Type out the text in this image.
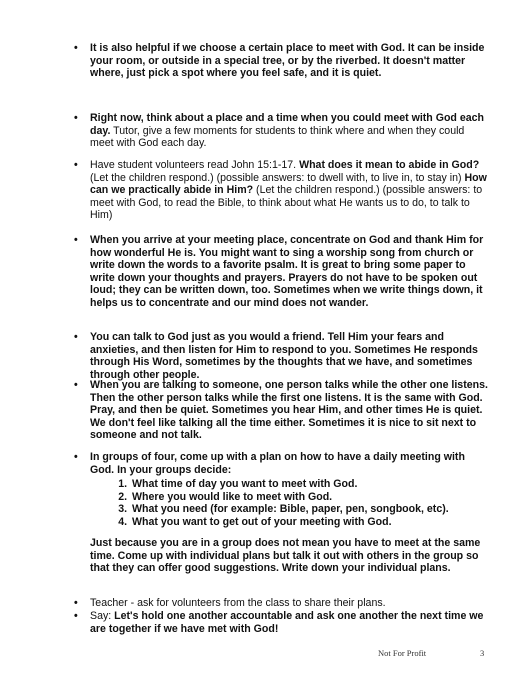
• It is also helpful if we choose a certain place to meet with God. It can be inside your room, or outside in a special tree, or by the riverbed. It doesn't matter where, just pick a spot where you feel safe, and it is quiet.
• Right now, think about a place and a time when you could meet with God each day. Tutor, give a few moments for students to think where and when they could meet with God each day.
• Have student volunteers read John 15:1-17. What does it mean to abide in God? (Let the children respond.) (possible answers: to dwell with, to live in, to stay in) How can we practically abide in Him? (Let the children respond.) (possible answers: to meet with God, to read the Bible, to think about what He wants us to do, to talk to Him)
• When you arrive at your meeting place, concentrate on God and thank Him for how wonderful He is. You might want to sing a worship song from church or write down the words to a favorite psalm. It is great to bring some paper to write down your thoughts and prayers. Prayers do not have to be spoken out loud; they can be written down, too. Sometimes when we write things down, it helps us to concentrate and our mind does not wander.
• You can talk to God just as you would a friend. Tell Him your fears and anxieties, and then listen for Him to respond to you. Sometimes He responds through His Word, sometimes by the thoughts that we have, and sometimes through other people.
• When you are talking to someone, one person talks while the other one listens. Then the other person talks while the first one listens. It is the same with God. Pray, and then be quiet. Sometimes you hear Him, and other times He is quiet. We don't feel like talking all the time either. Sometimes it is nice to sit next to someone and not talk.
• In groups of four, come up with a plan on how to have a daily meeting with God. In your groups decide:
1. What time of day you want to meet with God.
2. Where you would like to meet with God.
3. What you need (for example: Bible, paper, pen, songbook, etc).
4. What you want to get out of your meeting with God.
Just because you are in a group does not mean you have to meet at the same time. Come up with individual plans but talk it out with others in the group so that they can offer good suggestions. Write down your individual plans.
• Teacher - ask for volunteers from the class to share their plans.
• Say: Let's hold one another accountable and ask one another the next time we are together if we have met with God!
Not For Profit	3
